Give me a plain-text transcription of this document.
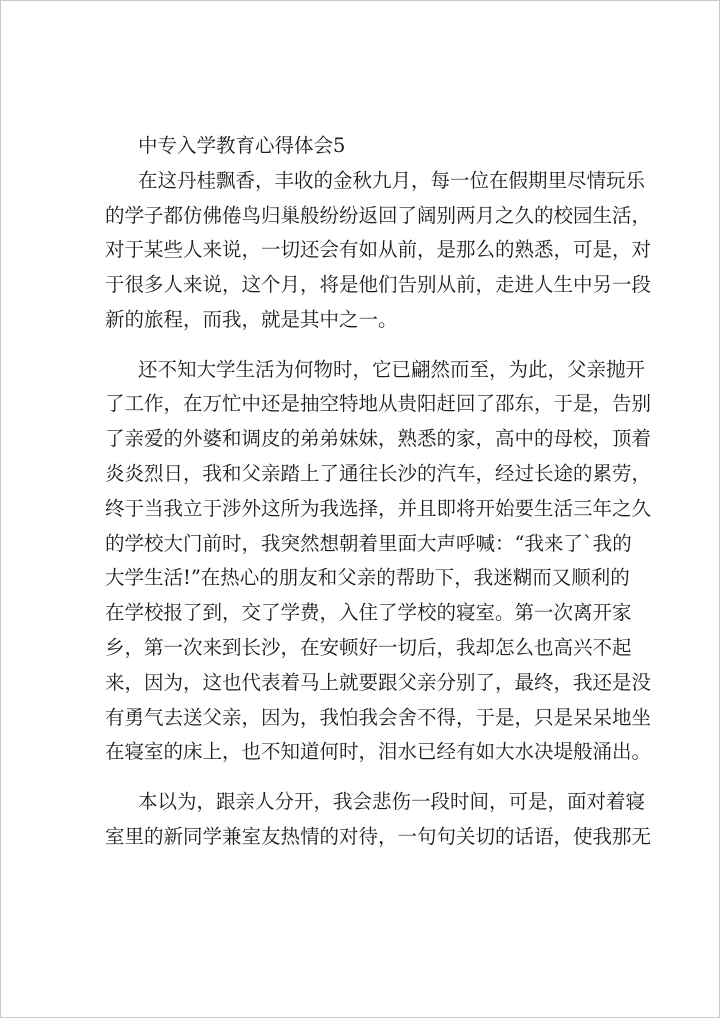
中专入学教育心得体会5
在这丹桂飘香，丰收的金秋九月，每一位在假期里尽情玩乐
的学子都仿佛倦鸟归巢般纷纷返回了阔别两月之久的校园生活，
对于某些人来说，一切还会有如从前，是那么的熟悉，可是，对
于很多人来说，这个月，将是他们告别从前，走进人生中另一段
新的旅程，而我，就是其中之一。
还不知大学生活为何物时，它已翩然而至，为此，父亲抛开
了工作，在万忙中还是抽空特地从贵阳赶回了邵东，于是，告别
了亲爱的外婆和调皮的弟弟妹妹，熟悉的家，高中的母校，顶着
炎炎烈日，我和父亲踏上了通往长沙的汽车，经过长途的累劳，
终于当我立于涉外这所为我选择，并且即将开始要生活三年之久
的学校大门前时，我突然想朝着里面大声呼喊：“我来了`我的
大学生活!”在热心的朋友和父亲的帮助下，我迷糊而又顺利的
在学校报了到，交了学费，入住了学校的寝室。第一次离开家
乡，第一次来到长沙，在安顿好一切后，我却怎么也高兴不起
来，因为，这也代表着马上就要跟父亲分别了，最终，我还是没
有勇气去送父亲，因为，我怕我会舍不得，于是，只是呆呆地坐
在寝室的床上，也不知道何时，泪水已经有如大水决堤般涌出。
本以为，跟亲人分开，我会悲伤一段时间，可是，面对着寝
室里的新同学兼室友热情的对待，一句句关切的话语，使我那无
